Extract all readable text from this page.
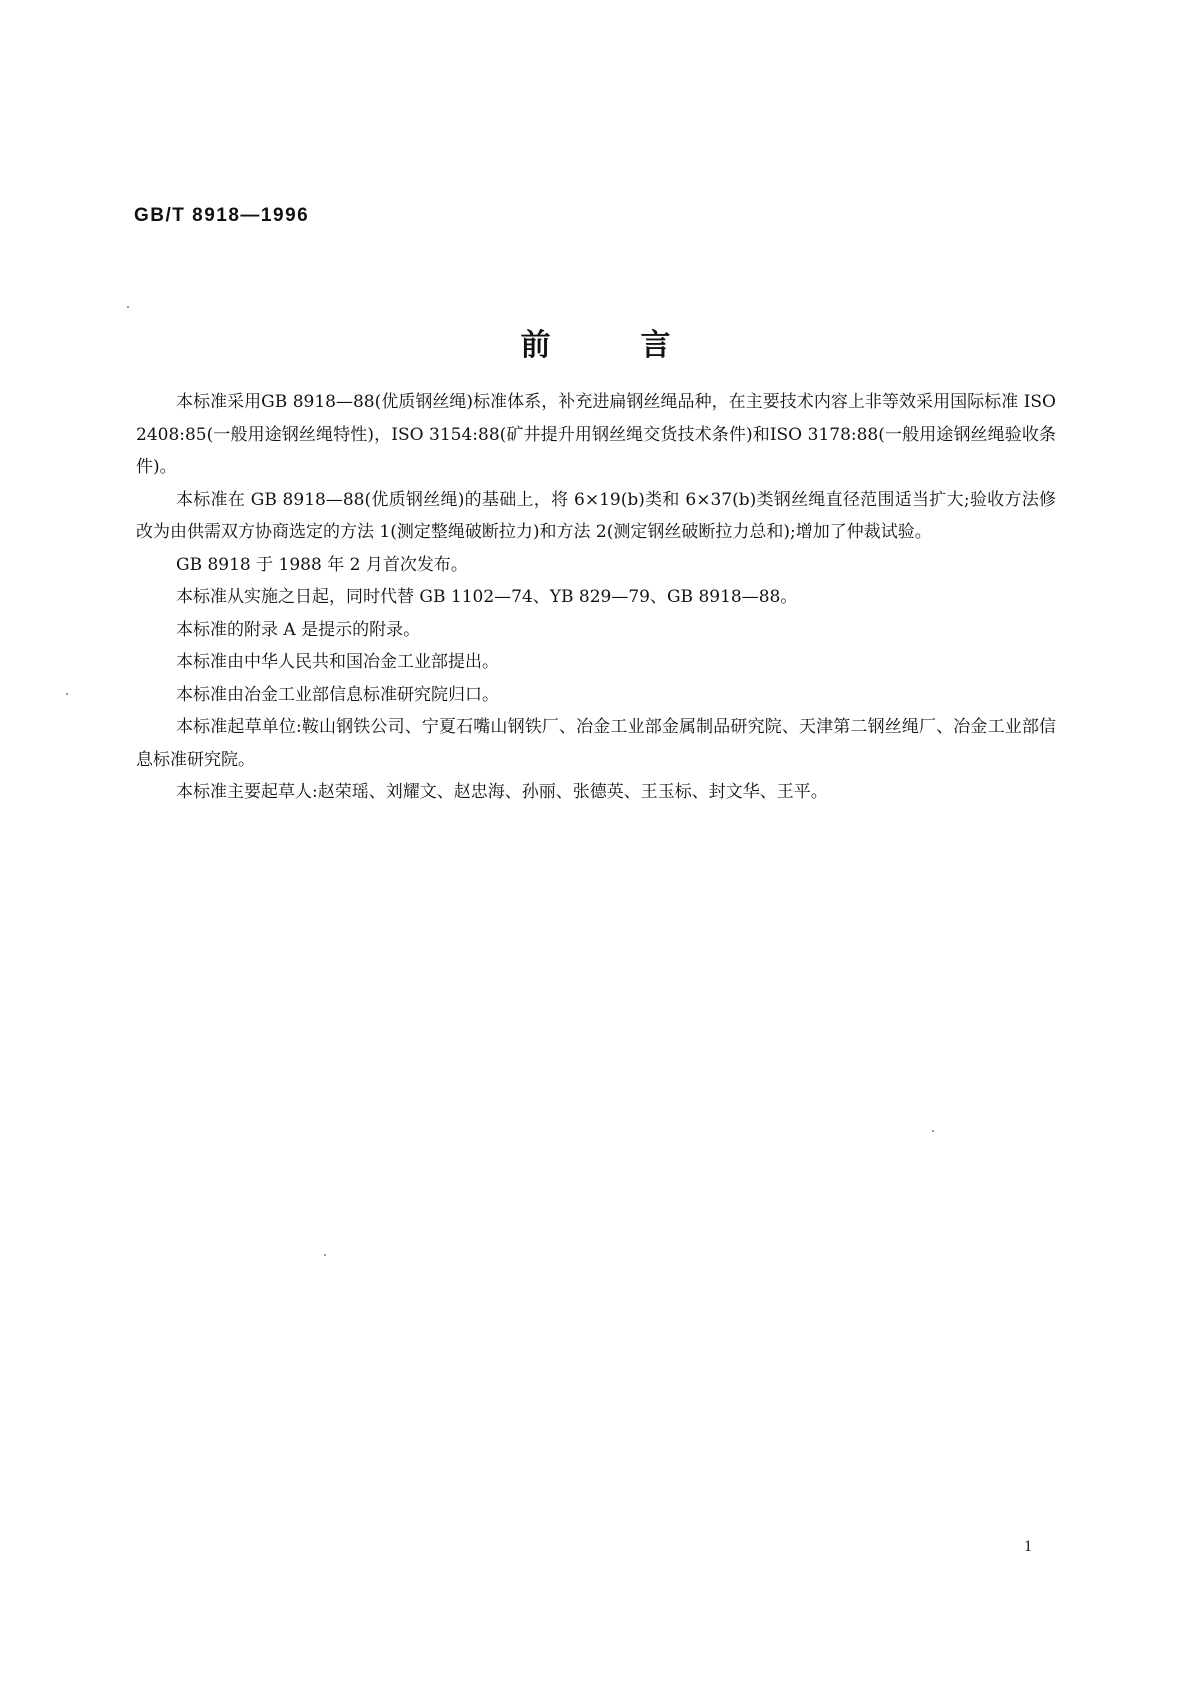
GB/T 8918—1996
前	言

本标准采用GB 8918—88(优质钢丝绳)标准体系，补充进扁钢丝绳品种，在主要技术内容上非等效采用国际标准 ISO 2408:85(一般用途钢丝绳特性)，ISO 3154:88(矿井提升用钢丝绳交货技术条件)和ISO 3178:88(一般用途钢丝绳验收条件)。

本标准在 GB 8918—88(优质钢丝绳)的基础上，将 6×19(b)类和 6×37(b)类钢丝绳直径范围适当扩大;验收方法修改为由供需双方协商选定的方法 1(测定整绳破断拉力)和方法 2(测定钢丝破断拉力总和);增加了仲裁试验。

GB 8918 于 1988 年 2 月首次发布。

本标准从实施之日起，同时代替 GB 1102—74、YB 829—79、GB 8918—88。

本标准的附录 A 是提示的附录。

本标准由中华人民共和国冶金工业部提出。

本标准由冶金工业部信息标准研究院归口。

本标准起草单位:鞍山钢铁公司、宁夏石嘴山钢铁厂、冶金工业部金属制品研究院、天津第二钢丝绳厂、冶金工业部信息标准研究院。

本标准主要起草人:赵荣瑶、刘耀文、赵忠海、孙丽、张德英、王玉标、封文华、王平。

1
